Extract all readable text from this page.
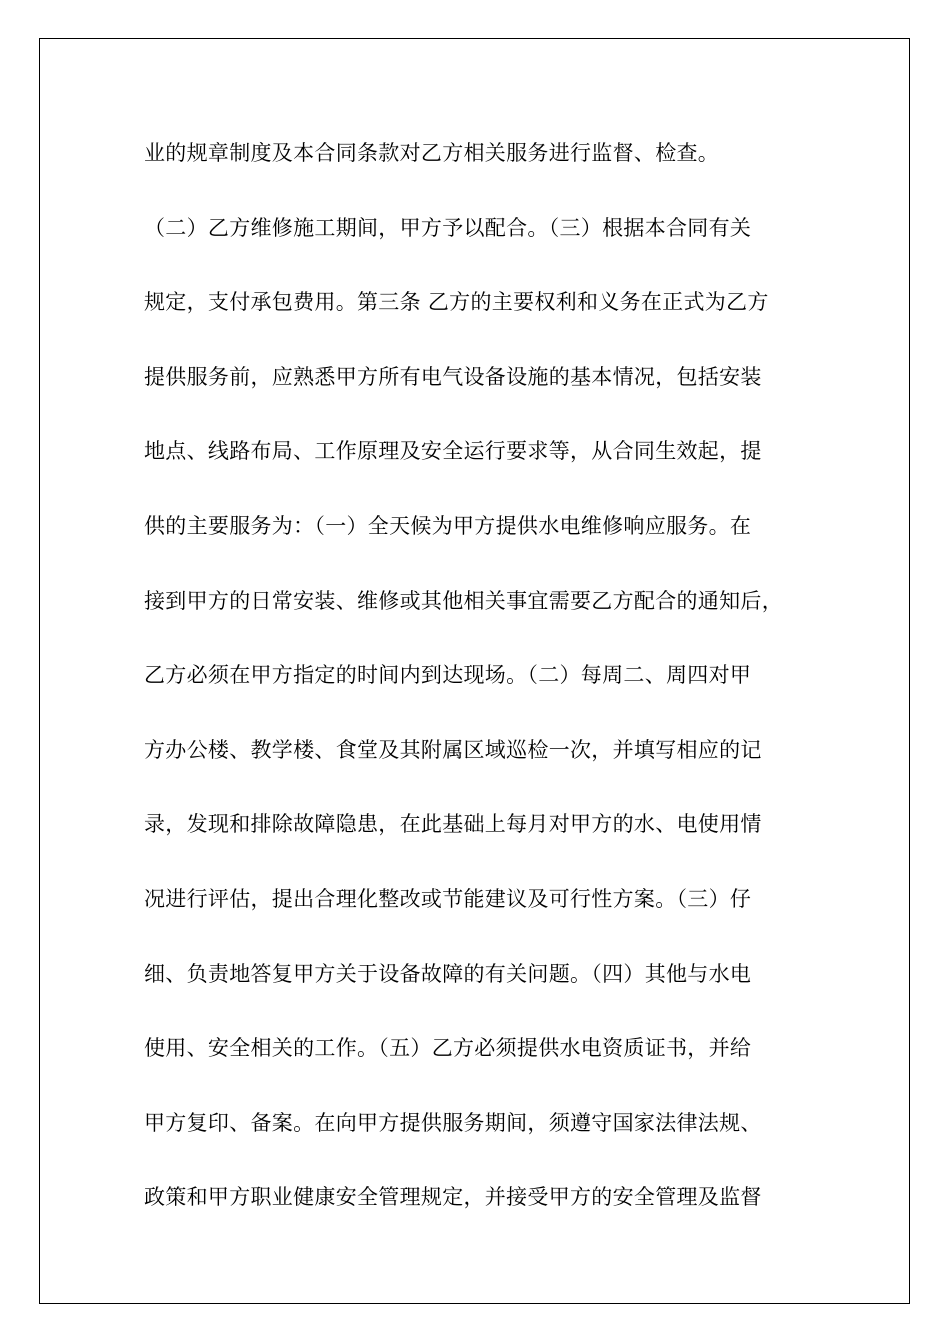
业的规章制度及本合同条款对乙方相关服务进行监督、检查。
（二）乙方维修施工期间，甲方予以配合。（三）根据本合同有关
规定，支付承包费用。第三条 乙方的主要权利和义务在正式为乙方
提供服务前，应熟悉甲方所有电气设备设施的基本情况，包括安装
地点、线路布局、工作原理及安全运行要求等，从合同生效起，提
供的主要服务为：（一）全天候为甲方提供水电维修响应服务。在
接到甲方的日常安装、维修或其他相关事宜需要乙方配合的通知后，
乙方必须在甲方指定的时间内到达现场。（二）每周二、周四对甲
方办公楼、教学楼、食堂及其附属区域巡检一次，并填写相应的记
录，发现和排除故障隐患，在此基础上每月对甲方的水、电使用情
况进行评估，提出合理化整改或节能建议及可行性方案。（三）仔
细、负责地答复甲方关于设备故障的有关问题。（四）其他与水电
使用、安全相关的工作。（五）乙方必须提供水电资质证书，并给
甲方复印、备案。在向甲方提供服务期间，须遵守国家法律法规、
政策和甲方职业健康安全管理规定，并接受甲方的安全管理及监督
